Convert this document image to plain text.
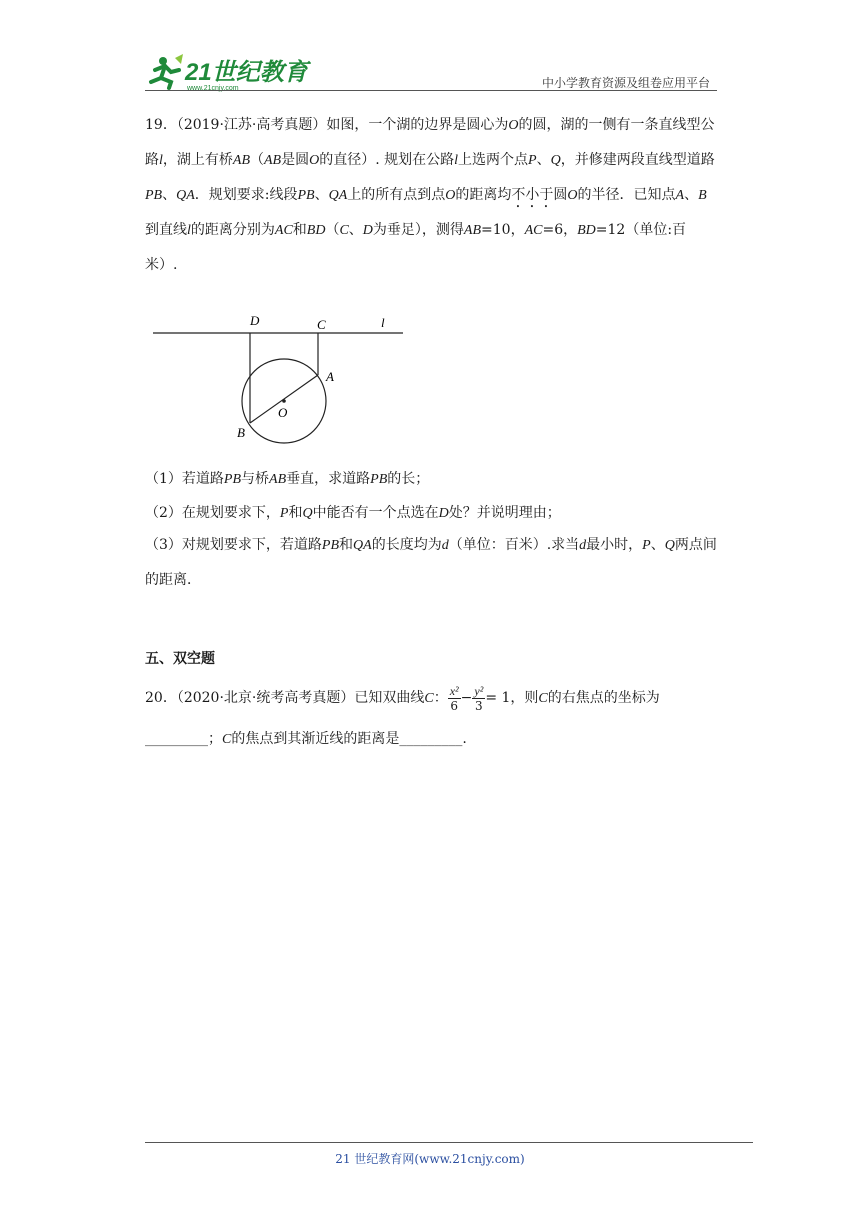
21世纪教育
www.21cnjy.com	中小学教育资源及组卷应用平台
19．（2019·江苏·高考真题）如图，一个湖的边界是圆心为O的圆，湖的一侧有一条直线型公路l，湖上有桥AB（AB是圆O的直径）. 规划在公路l上选两个点P、Q，并修建两段直线型道路PB、QA．规划要求:线段PB、QA上的所有点到点O的距离均不小于圆O的半径．已知点A、B到直线l的距离分别为AC和BD（C、D为垂足），测得AB=10，AC=6，BD=12（单位:百米）.
D	C	l
A
O
B
（1）若道路PB与桥AB垂直，求道路PB的长；
（2）在规划要求下，P和Q中能否有一个点选在D处？并说明理由；
（3）对规划要求下，若道路PB和QA的长度均为d（单位：百米）.求当d最小时，P、Q两点间的距离．
五、双空题
20．（2020·北京·统考高考真题）已知双曲线C： $\frac{\text{x²}}{6} - \frac{\text{y²}}{3} = 1$，则C的右焦点的坐标为
_________；C的焦点到其渐近线的距离是_________.
21 世纪教育网(www.21cnjy.com)
